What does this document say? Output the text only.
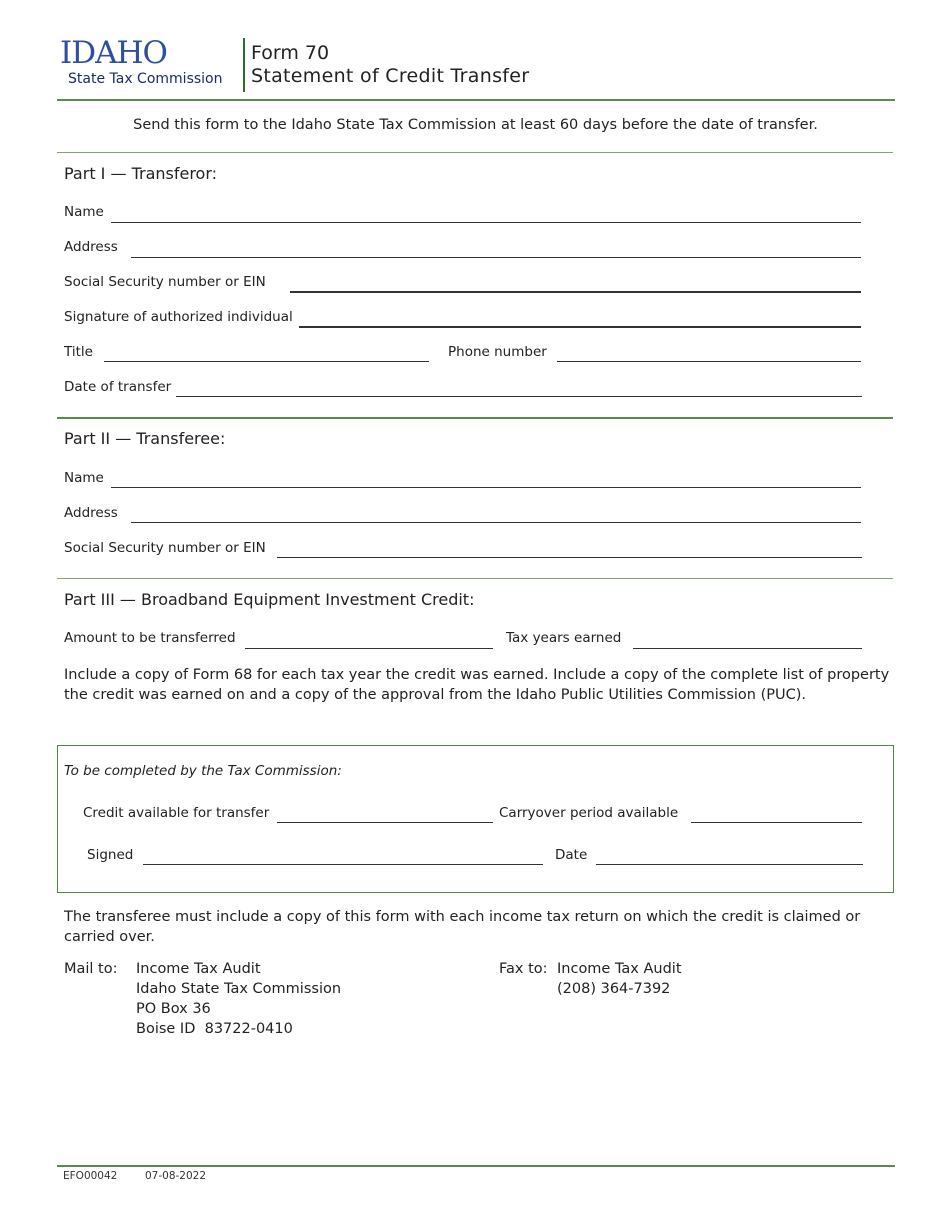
IDAHO
State Tax Commission
Form 70
Statement of Credit Transfer
Send this form to the Idaho State Tax Commission at least 60 days before the date of transfer.
Part I — Transferor:
Name
Address
Social Security number or EIN
Signature of authorized individual
Title	Phone number
Date of transfer
Part II — Transferee:
Name
Address
Social Security number or EIN
Part III — Broadband Equipment Investment Credit:
Amount to be transferred	Tax years earned
Include a copy of Form 68 for each tax year the credit was earned. Include a copy of the complete list of property the credit was earned on and a copy of the approval from the Idaho Public Utilities Commission (PUC).
To be completed by the Tax Commission:
Credit available for transfer	Carryover period available
Signed	Date
The transferee must include a copy of this form with each income tax return on which the credit is claimed or carried over.
Mail to: Income Tax Audit
Idaho State Tax Commission
PO Box 36
Boise ID  83722-0410
Fax to: Income Tax Audit
(208) 364-7392
EFO00042	07-08-2022
